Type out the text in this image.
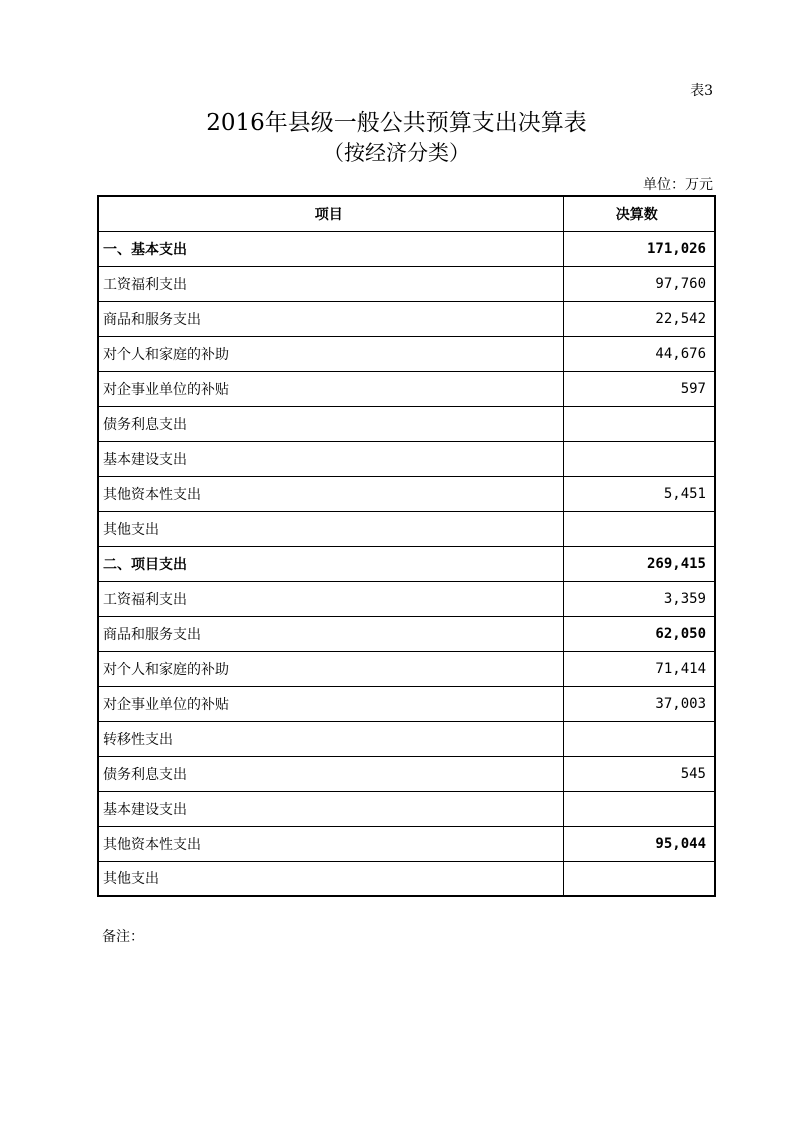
表3
2016年县级一般公共预算支出决算表
（按经济分类）
单位：万元
项目	决算数
一、基本支出	171,026
工资福利支出	97,760
商品和服务支出	22,542
对个人和家庭的补助	44,676
对企事业单位的补贴	597
债务利息支出	
基本建设支出	
其他资本性支出	5,451
其他支出	
二、项目支出	269,415
工资福利支出	3,359
商品和服务支出	62,050
对个人和家庭的补助	71,414
对企事业单位的补贴	37,003
转移性支出	
债务利息支出	545
基本建设支出	
其他资本性支出	95,044
其他支出	
备注：
